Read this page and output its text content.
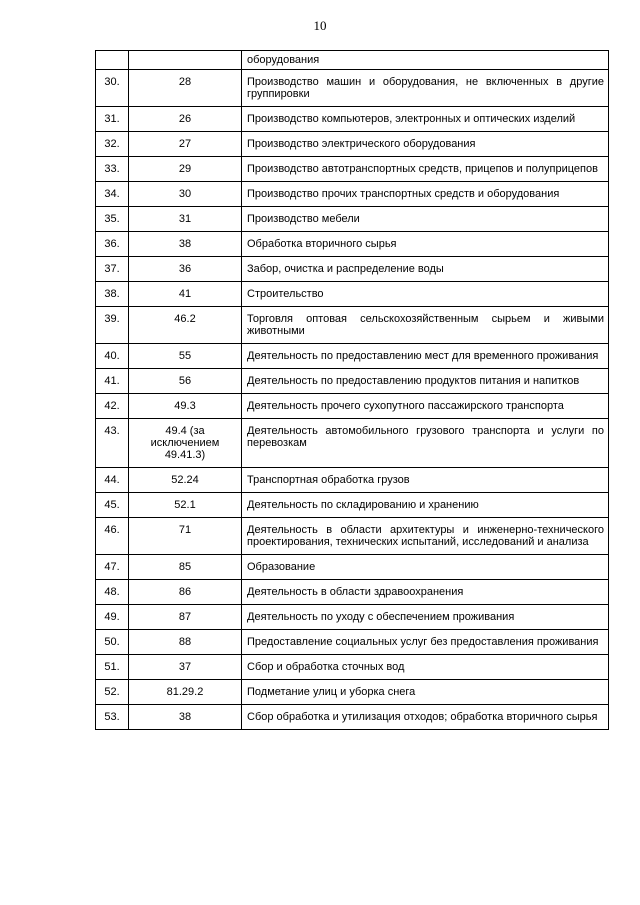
10
		оборудования
30.	28	Производство машин и оборудования, не включенных в другие группировки
31.	26	Производство компьютеров, электронных и оптических изделий
32.	27	Производство электрического оборудования
33.	29	Производство автотранспортных средств, прицепов и полуприцепов
34.	30	Производство прочих транспортных средств и оборудования
35.	31	Производство мебели
36.	38	Обработка вторичного сырья
37.	36	Забор, очистка и распределение воды
38.	41	Строительство
39.	46.2	Торговля оптовая сельскохозяйственным сырьем и живыми животными
40.	55	Деятельность по предоставлению мест для временного проживания
41.	56	Деятельность по предоставлению продуктов питания и напитков
42.	49.3	Деятельность прочего сухопутного пассажирского транспорта
43.	49.4 (за исключением 49.41.3)	Деятельность автомобильного грузового транспорта и услуги по перевозкам
44.	52.24	Транспортная обработка грузов
45.	52.1	Деятельность по складированию и хранению
46.	71	Деятельность в области архитектуры и инженерно-технического проектирования, технических испытаний, исследований и анализа
47.	85	Образование
48.	86	Деятельность в области здравоохранения
49.	87	Деятельность по уходу с обеспечением проживания
50.	88	Предоставление социальных услуг без предоставления проживания
51.	37	Сбор и обработка сточных вод
52.	81.29.2	Подметание улиц и уборка снега
53.	38	Сбор обработка и утилизация отходов; обработка вторичного сырья
